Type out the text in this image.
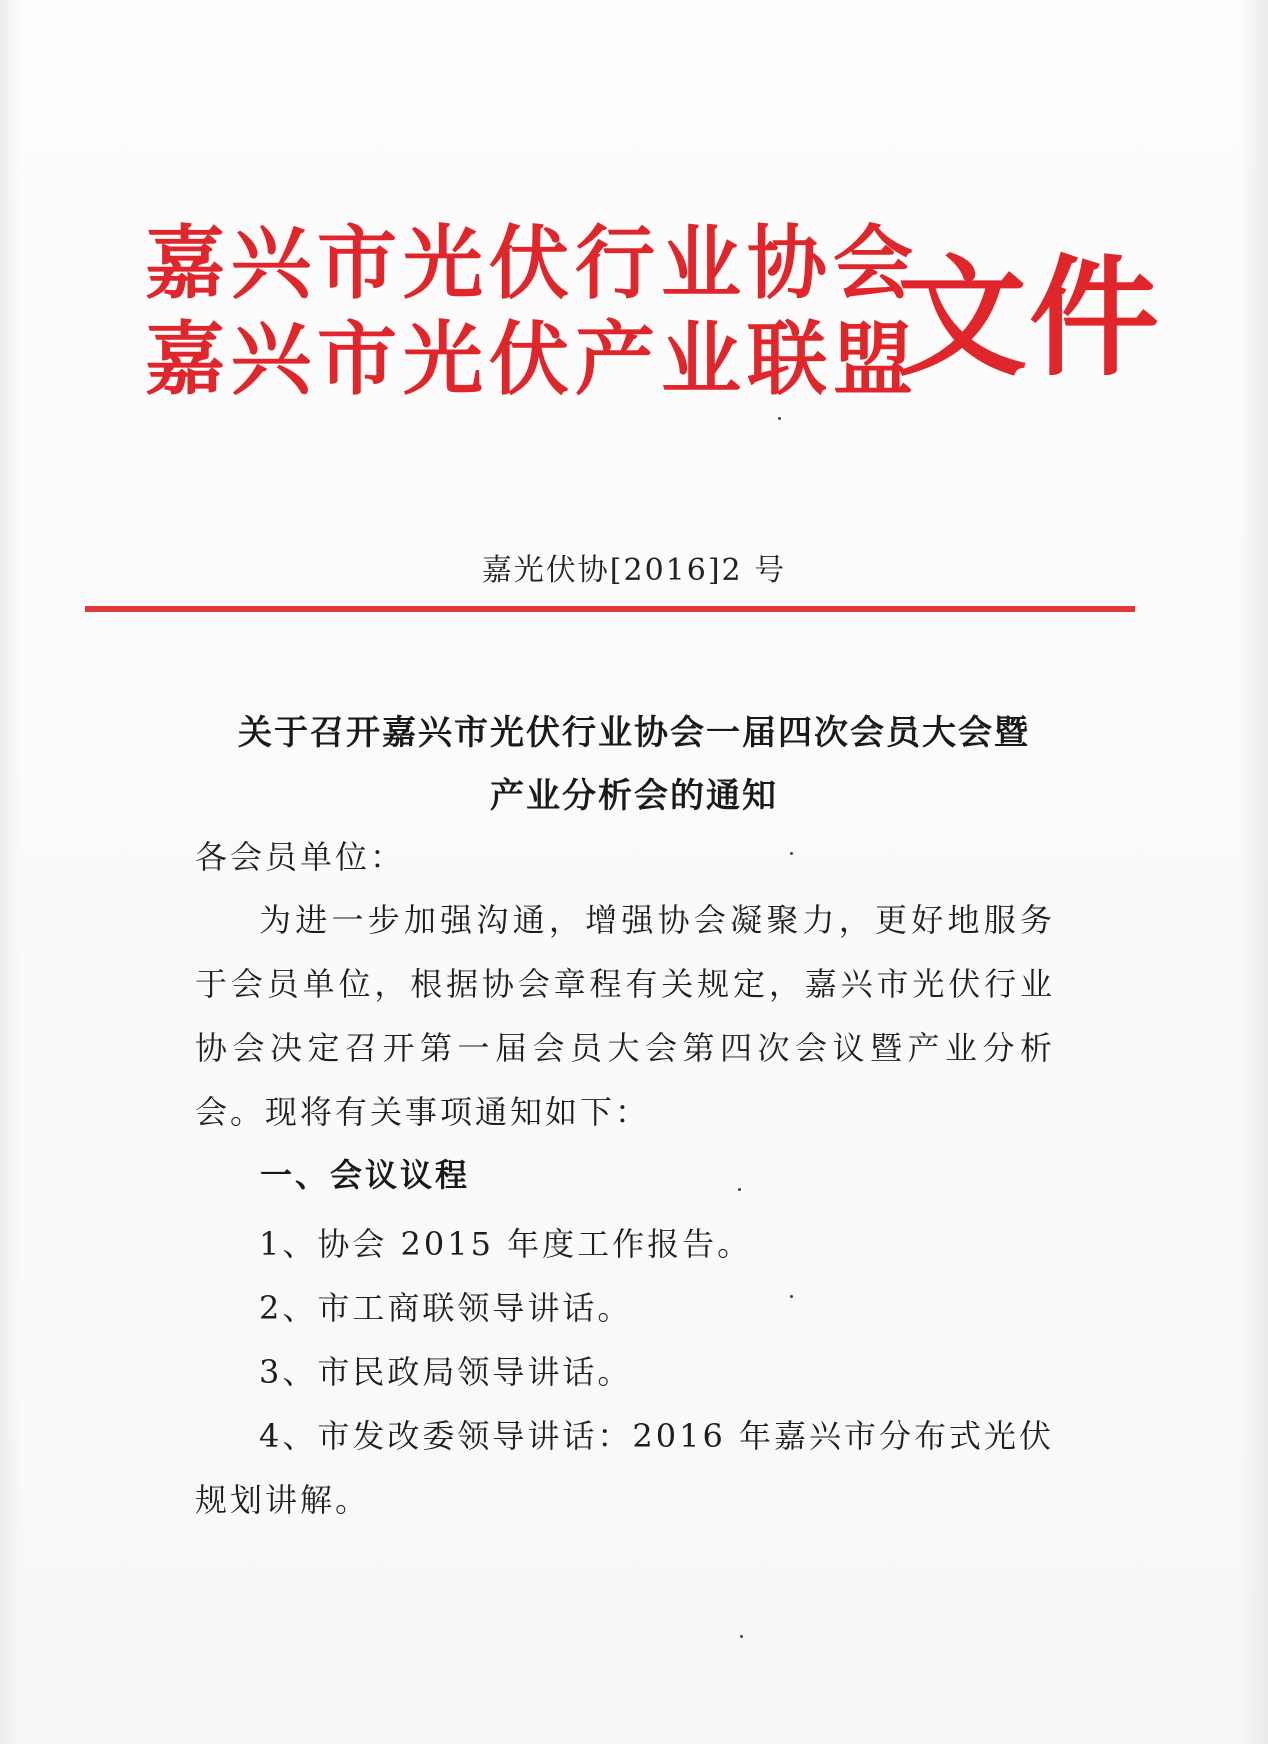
嘉兴市光伏行业协会
嘉兴市光伏产业联盟
文件
嘉光伏协[2016]2 号
关于召开嘉兴市光伏行业协会一届四次会员大会暨
产业分析会的通知
各会员单位：
为进一步加强沟通，增强协会凝聚力，更好地服务于会员单位，根据协会章程有关规定，嘉兴市光伏行业协会决定召开第一届会员大会第四次会议暨产业分析会。现将有关事项通知如下：
一、会议议程
1、协会 2015 年度工作报告。
2、市工商联领导讲话。
3、市民政局领导讲话。
4、市发改委领导讲话：2016 年嘉兴市分布式光伏规划讲解。
